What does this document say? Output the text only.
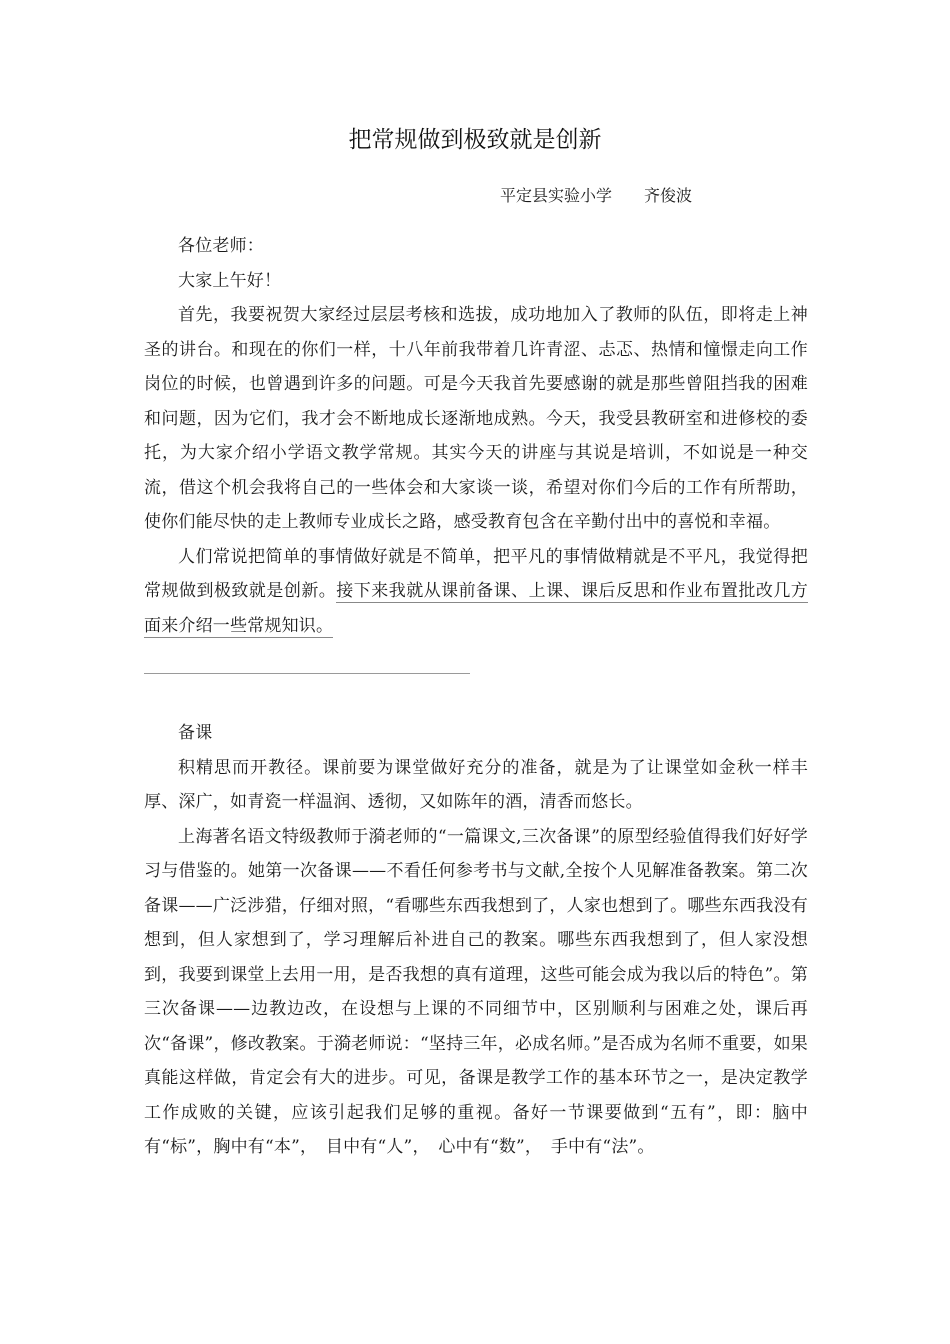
把常规做到极致就是创新
平定县实验小学　　齐俊波

各位老师：

大家上午好！

首先，我要祝贺大家经过层层考核和选拔，成功地加入了教师的队伍，即将走上神圣的讲台。和现在的你们一样，十八年前我带着几许青涩、忐忑、热情和憧憬走向工作岗位的时候，也曾遇到许多的问题。可是今天我首先要感谢的就是那些曾阻挡我的困难和问题，因为它们，我才会不断地成长逐渐地成熟。今天，我受县教研室和进修校的委托，为大家介绍小学语文教学常规。其实今天的讲座与其说是培训，不如说是一种交流，借这个机会我将自己的一些体会和大家谈一谈，希望对你们今后的工作有所帮助，使你们能尽快的走上教师专业成长之路，感受教育包含在辛勤付出中的喜悦和幸福。

人们常说把简单的事情做好就是不简单，把平凡的事情做精就是不平凡，我觉得把常规做到极致就是创新。接下来我就从课前备课、上课、课后反思和作业布置批改几方面来介绍一些常规知识。

备课

积精思而开教径。课前要为课堂做好充分的准备，就是为了让课堂如金秋一样丰厚、深广，如青瓷一样温润、透彻，又如陈年的酒，清香而悠长。

上海著名语文特级教师于漪老师的“一篇课文,三次备课”的原型经验值得我们好好学习与借鉴的。她第一次备课——不看任何参考书与文献,全按个人见解准备教案。第二次备课——广泛涉猎，仔细对照，“看哪些东西我想到了，人家也想到了。哪些东西我没有想到，但人家想到了，学习理解后补进自己的教案。哪些东西我想到了，但人家没想到，我要到课堂上去用一用，是否我想的真有道理，这些可能会成为我以后的特色”。第三次备课——边教边改，在设想与上课的不同细节中，区别顺利与困难之处，课后再次“备课”，修改教案。于漪老师说：“坚持三年，必成名师。”是否成为名师不重要，如果真能这样做，肯定会有大的进步。可见，备课是教学工作的基本环节之一，是决定教学工作成败的关键，应该引起我们足够的重视。备好一节课要做到“五有”，即：脑中有“标”，胸中有“本”，　目中有“人”，　心中有“数”，　手中有“法”。
